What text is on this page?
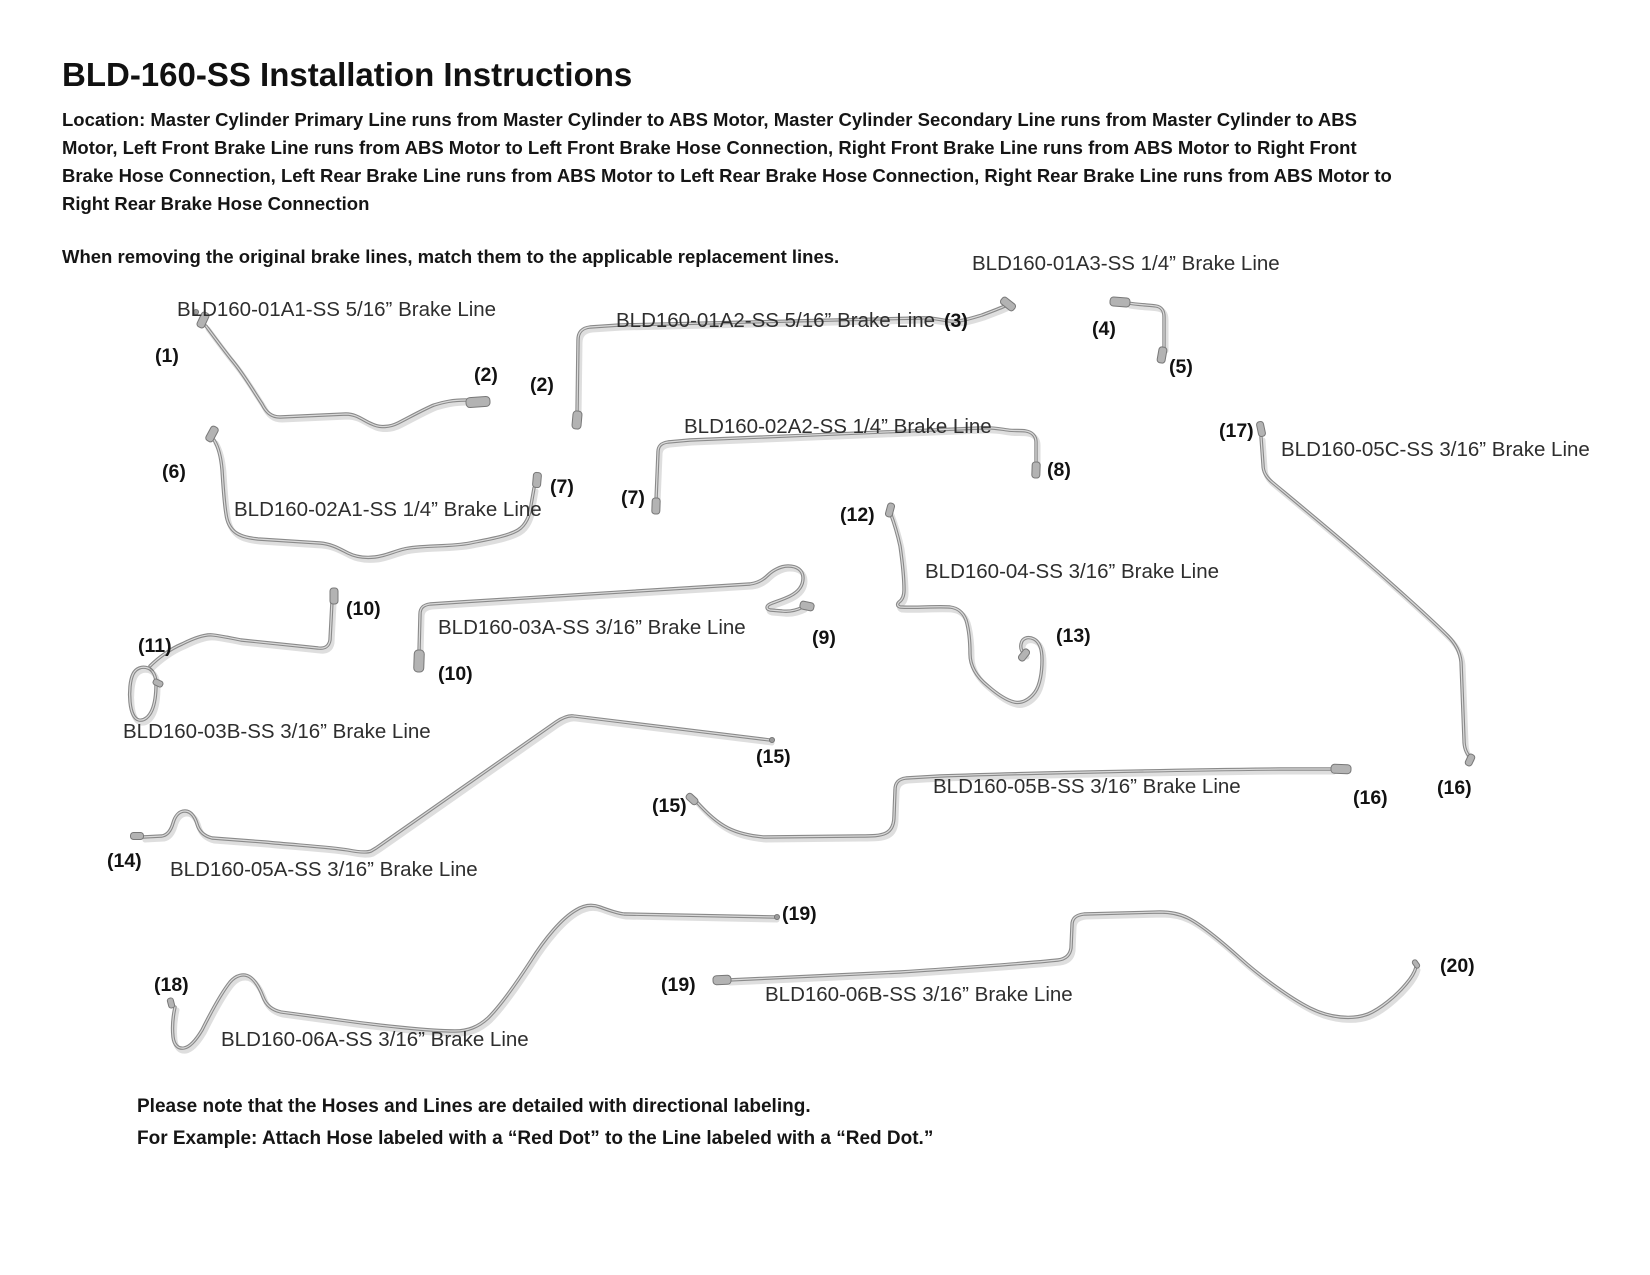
BLD-160-SS Installation Instructions
Location: Master Cylinder Primary Line runs from Master Cylinder to ABS Motor, Master Cylinder Secondary Line runs from Master Cylinder to ABS
Motor, Left Front Brake Line runs from ABS Motor to Left Front Brake Hose Connection, Right Front Brake Line runs from ABS Motor to Right Front
Brake Hose Connection, Left Rear Brake Line runs from ABS Motor to Left Rear Brake Hose Connection, Right Rear Brake Line runs from ABS Motor to
Right Rear Brake Hose Connection
When removing the original brake lines, match them to the applicable replacement lines.
BLD160-01A1-SS 5/16” Brake Line	BLD160-01A2-SS 5/16” Brake Line
BLD160-01A3-SS 1/4” Brake Line
BLD160-02A2-SS 1/4” Brake Line
BLD160-02A1-SS 1/4” Brake Line
BLD160-05C-SS 3/16” Brake Line
BLD160-04-SS 3/16” Brake Line
BLD160-03A-SS 3/16” Brake Line
BLD160-03B-SS 3/16” Brake Line
BLD160-05B-SS 3/16” Brake Line
BLD160-05A-SS 3/16” Brake Line
BLD160-06B-SS 3/16” Brake Line
BLD160-06A-SS 3/16” Brake Line
(1)
(2) (2)
(3)	(4)
(5)
(6)
(7) (7)
(8)
(9)
(10)
(10)
(11)
(12)
(13)
(14)
(15)
(15)	(16)	(16)
(17)
(18)
(19)
(19)
(20)
Please note that the Hoses and Lines are detailed with directional labeling.
For Example: Attach Hose labeled with a “Red Dot” to the Line labeled with a “Red Dot.”
